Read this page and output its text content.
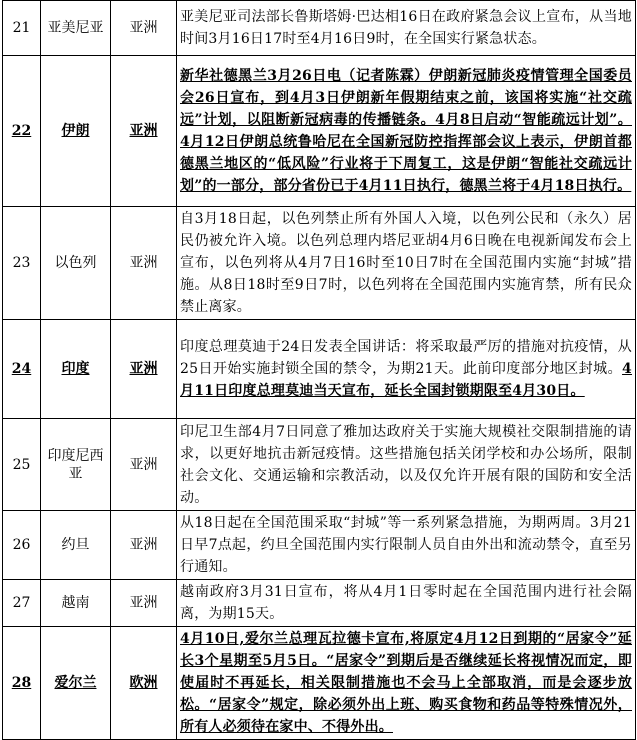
21	亚美尼亚	亚洲	亚美尼亚司法部长鲁斯塔姆·巴达相16日在政府紧急会议上宣布，从当地时间3月16日17时至4月16日9时，在全国实行紧急状态。
22	伊朗	亚洲	新华社德黑兰3月26日电（记者陈霖）伊朗新冠肺炎疫情管理全国委员会26日宣布，到4月3日伊朗新年假期结束之前，该国将实施“社交疏远”计划，以阻断新冠病毒的传播链条。4月8日启动“智能疏远计划”。4月12日伊朗总统鲁哈尼在全国新冠防控指挥部会议上表示，伊朗首都德黑兰地区的“低风险”行业将于下周复工，这是伊朗“智能社交疏远计划”的一部分，部分省份已于4月11日执行，德黑兰将于4月18日执行。
23	以色列	亚洲	自3月18日起，以色列禁止所有外国人入境，以色列公民和（永久）居民仍被允许入境。以色列总理内塔尼亚胡4月6日晚在电视新闻发布会上宣布，以色列将从4月7日16时至10日7时在全国范围内实施“封城”措施。从8日18时至9日7时，以色列将在全国范围内实施宵禁，所有民众禁止离家。
24	印度	亚洲	印度总理莫迪于24日发表全国讲话：将采取最严厉的措施对抗疫情，从25日开始实施封锁全国的禁令，为期21天。此前印度部分地区封城。4月11日印度总理莫迪当天宣布，延长全国封锁期限至4月30日。
25	印度尼西亚	亚洲	印尼卫生部4月7日同意了雅加达政府关于实施大规模社交限制措施的请求，以更好地抗击新冠疫情。这些措施包括关闭学校和办公场所，限制社会文化、交通运输和宗教活动，以及仅允许开展有限的国防和安全活动。
26	约旦	亚洲	从18日起在全国范围采取“封城”等一系列紧急措施，为期两周。3月21日早7点起，约旦全国范围内实行限制人员自由外出和流动禁令，直至另行通知。
27	越南	亚洲	越南政府3月31日宣布，将从4月1日零时起在全国范围内进行社会隔离，为期15天。
28	爱尔兰	欧洲	4月10日,爱尔兰总理瓦拉德卡宣布,将原定4月12日到期的“居家令”延长3个星期至5月5日。“居家令”到期后是否继续延长将视情况而定，即使届时不再延长，相关限制措施也不会马上全部取消，而是会逐步放松。“居家令”规定，除必须外出上班、购买食物和药品等特殊情况外，所有人必须待在家中、不得外出。
